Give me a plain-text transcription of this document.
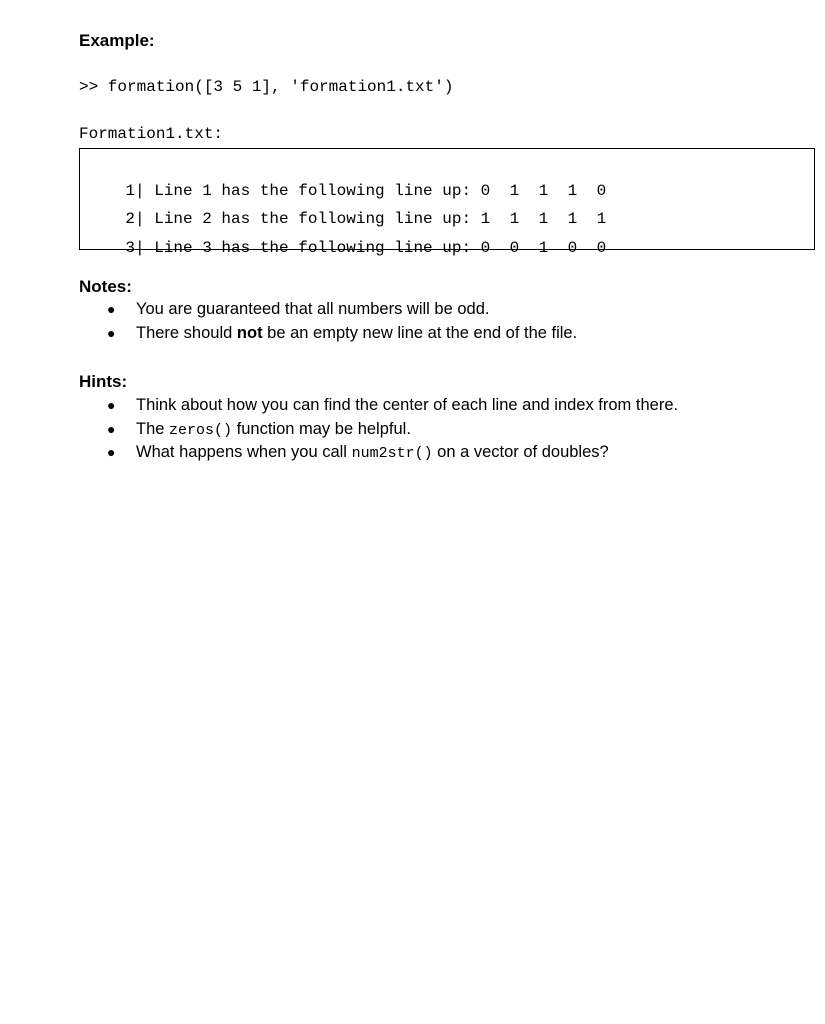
Example:
>> formation([3 5 1], 'formation1.txt')
Formation1.txt:

1| Line 1 has the following line up: 0 1 1 1 0

2| Line 2 has the following line up: 1 1 1 1 1

3| Line 3 has the following line up: 0 0 1 0 0

Notes:
● You are guaranteed that all numbers will be odd.
● There should not be an empty new line at the end of the file.
Hints:
● Think about how you can find the center of each line and index from there.
● The zeros() function may be helpful.
● What happens when you call num2str() on a vector of doubles?
